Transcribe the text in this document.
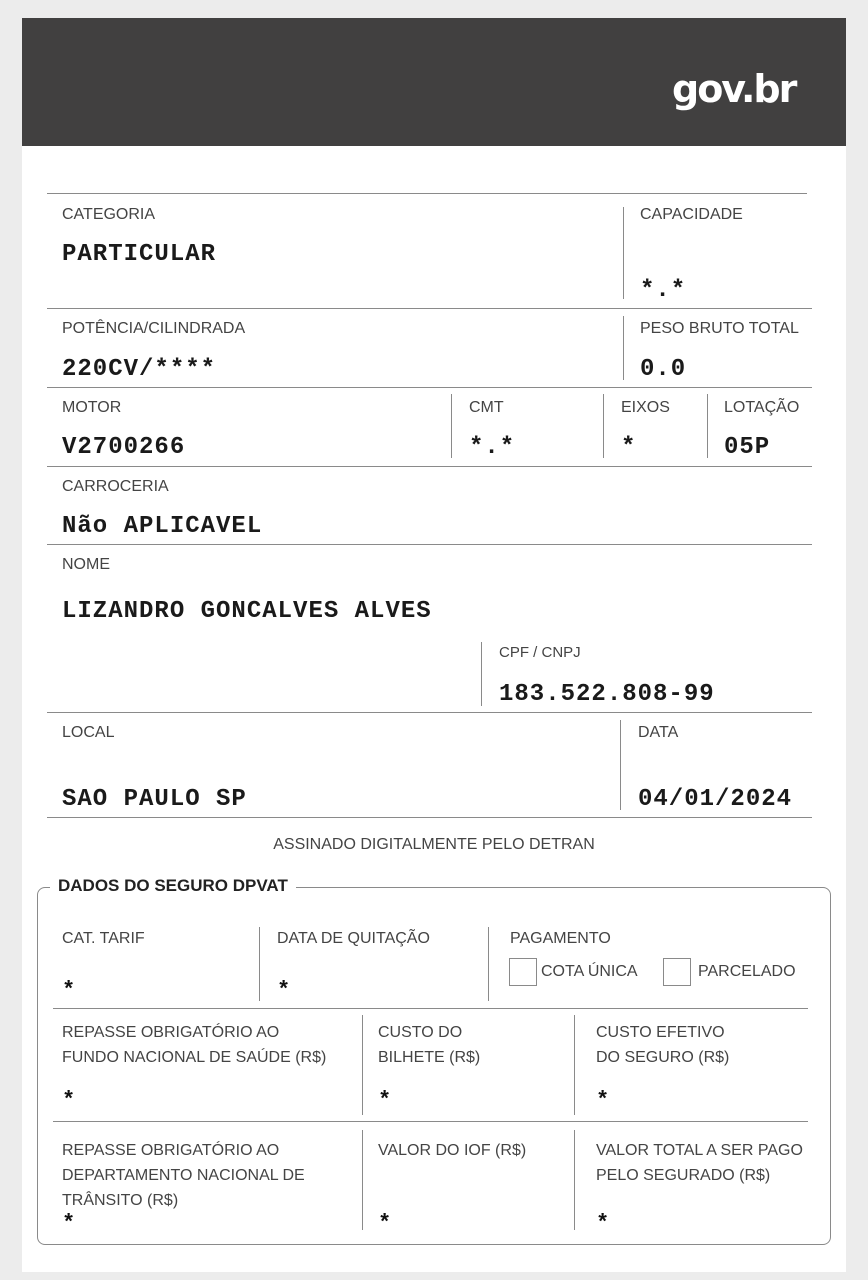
gov.br
CATEGORIA
PARTICULAR
CAPACIDADE
*.*
POTÊNCIA/CILINDRADA
220CV/****
PESO BRUTO TOTAL
0.0
MOTOR
V2700266
CMT
*.*
EIXOS
*
LOTAÇÃO
05P
CARROCERIA
Não APLICAVEL
NOME
LIZANDRO GONCALVES ALVES
CPF / CNPJ
183.522.808-99
LOCAL
SAO PAULO SP
DATA
04/01/2024
ASSINADO DIGITALMENTE PELO DETRAN
DADOS DO SEGURO DPVAT
CAT. TARIF
*
DATA DE QUITAÇÃO
*
PAGAMENTO
COTA ÚNICA	PARCELADO
REPASSE OBRIGATÓRIO AO
FUNDO NACIONAL DE SAÚDE (R$)
*
CUSTO DO
BILHETE (R$)
*
CUSTO EFETIVO
DO SEGURO (R$)
*
REPASSE OBRIGATÓRIO AO
DEPARTAMENTO NACIONAL DE
TRÂNSITO (R$)
*
VALOR DO IOF (R$)
*
VALOR TOTAL A SER PAGO
PELO SEGURADO (R$)
*
